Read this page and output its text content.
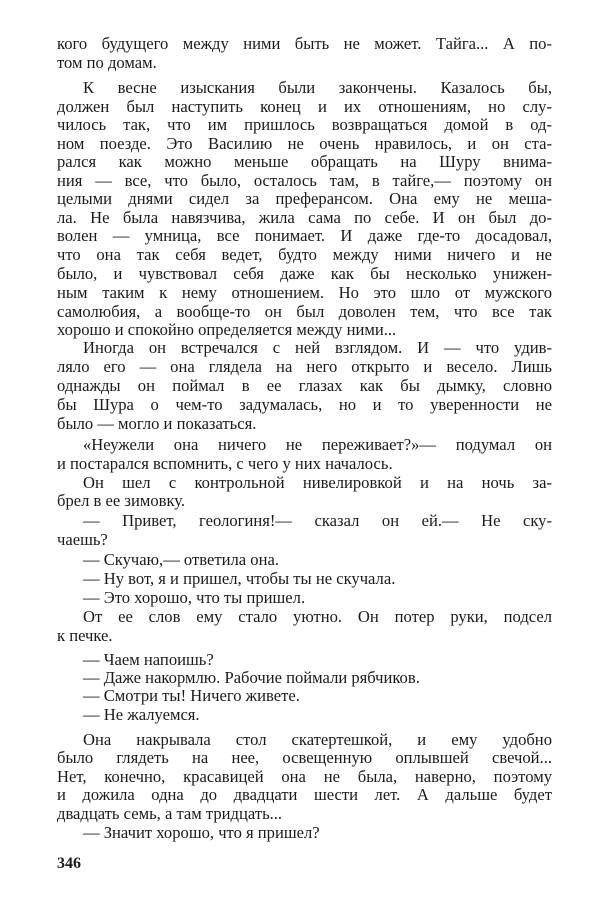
кого будущего между ними быть не может. Тайга... А по-
том по домам.
К весне изыскания были закончены. Казалось бы,
должен был наступить конец и их отношениям, но слу-
чилось так, что им пришлось возвращаться домой в од-
ном поезде. Это Василию не очень нравилось, и он ста-
рался как можно меньше обращать на Шуру внима-
ния — все, что было, осталось там, в тайге,— поэтому он
целыми днями сидел за преферансом. Она ему не меша-
ла. Не была навязчива, жила сама по себе. И он был до-
волен — умница, все понимает. И даже где-то досадовал,
что она так себя ведет, будто между ними ничего и не
было, и чувствовал себя даже как бы несколько унижен-
ным таким к нему отношением. Но это шло от мужского
самолюбия, а вообще-то он был доволен тем, что все так
хорошо и спокойно определяется между ними...
Иногда он встречался с ней взглядом. И — что удив-
ляло его — она глядела на него открыто и весело. Лишь
однажды он поймал в ее глазах как бы дымку, словно
бы Шура о чем-то задумалась, но и то уверенности не
было — могло и показаться.
«Неужели она ничего не переживает?»— подумал он
и постарался вспомнить, с чего у них началось.
Он шел с контрольной нивелировкой и на ночь за-
брел в ее зимовку.
— Привет, геологиня!— сказал он ей.— Не ску-
чаешь?
— Скучаю,— ответила она.
— Ну вот, я и пришел, чтобы ты не скучала.
— Это хорошо, что ты пришел.
От ее слов ему стало уютно. Он потер руки, подсел
к печке.
— Чаем напоишь?
— Даже накормлю. Рабочие поймали рябчиков.
— Смотри ты! Ничего живете.
— Не жалуемся.
Она накрывала стол скатертешкой, и ему удобно
было глядеть на нее, освещенную оплывшей свечой...
Нет, конечно, красавицей она не была, наверно, поэтому
и дожила одна до двадцати шести лет. А дальше будет
двадцать семь, а там тридцать...
— Значит хорошо, что я пришел?
346
